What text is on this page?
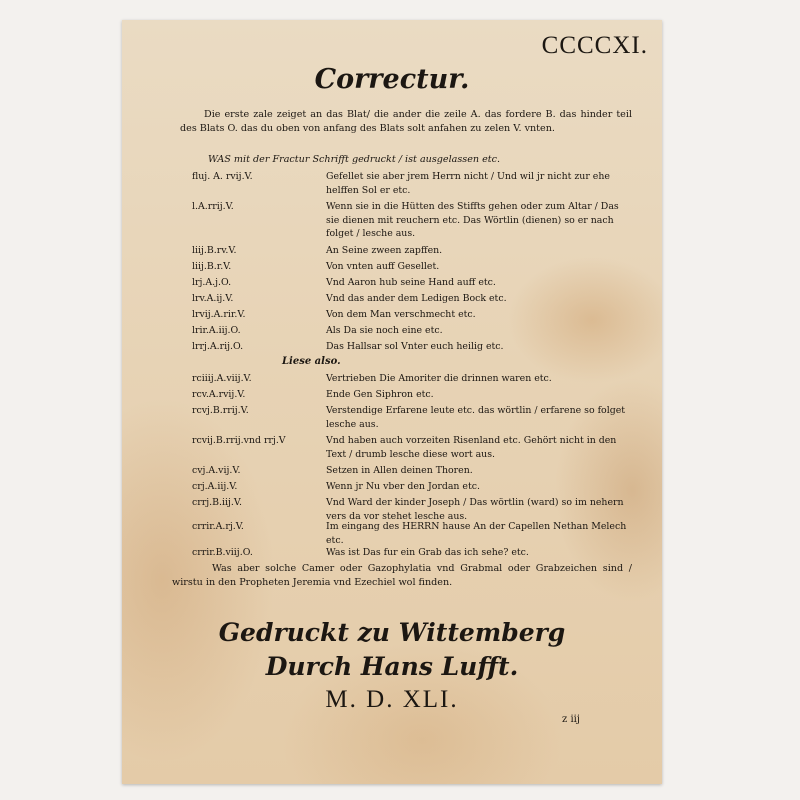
CCCCXI.
Correctur.
Die erste zale zeiget an das Blat/ die ander die zeile A. das fordere B. das hinder teil des Blats O. das du oben von anfang des Blats solt anfahen zu zelen V. vnten.
WAS mit der Fractur Schrifft gedruckt / ist ausgelassen etc.
fluj. A. rvij.V.	Gefellet sie aber jrem Herrn nicht / Und wil jr nicht zur ehe helffen Sol er etc.
l.A.rrij.V.	Wenn sie in die Hütten des Stiffts gehen oder zum Altar / Das sie dienen mit reuchern etc. Das Wörtlin (dienen) so er nach folget / lesche aus.
liij.B.rv.V.	An Seine zween zapffen.
liij.B.r.V.	Von vnten auff Gesellet.
lrj.A.j.O.	Vnd Aaron hub seine Hand auff etc.
lrv.A.ij.V.	Vnd das ander dem Ledigen Bock etc.
lrvij.A.rir.V.	Von dem Man verschmecht etc.
lrir.A.iij.O.	Als Da sie noch eine etc.
lrrj.A.rij.O.	Das Hallsar sol Vnter euch heilig etc.
Liese also.
rciiij.A.viij.V.	Vertrieben Die Amoriter die drinnen waren etc.
rcv.A.rvij.V.	Ende Gen Siphron etc.
rcvj.B.rrij.V.	Verstendige Erfarene leute etc. das wörtlin / erfarene so folget lesche aus.
rcvij.B.rrij.vnd rrj.V	Vnd haben auch vorzeiten Risenland etc. Gehört nicht in den Text / drumb lesche diese wort aus.
cvj.A.vij.V.	Setzen in Allen deinen Thoren.
crj.A.iij.V.	Wenn jr Nu vber den Jordan etc.
crrj.B.iij.V.	Vnd Ward der kinder Joseph / Das wörtlin (ward) so im nehern vers da vor stehet lesche aus.
crrir.A.rj.V.	Im eingang des HERRN hause An der Capellen Nethan Melech etc.
crrir.B.viij.O.	Was ist Das fur ein Grab das ich sehe? etc.
Was aber solche Camer oder Gazophylatia vnd Grabmal oder Grabzeichen sind / wirstu in den Propheten Jeremia vnd Ezechiel wol finden.
Gedruckt zu Wittemberg
Durch Hans Lufft.
M. D. XLI.
z iij
